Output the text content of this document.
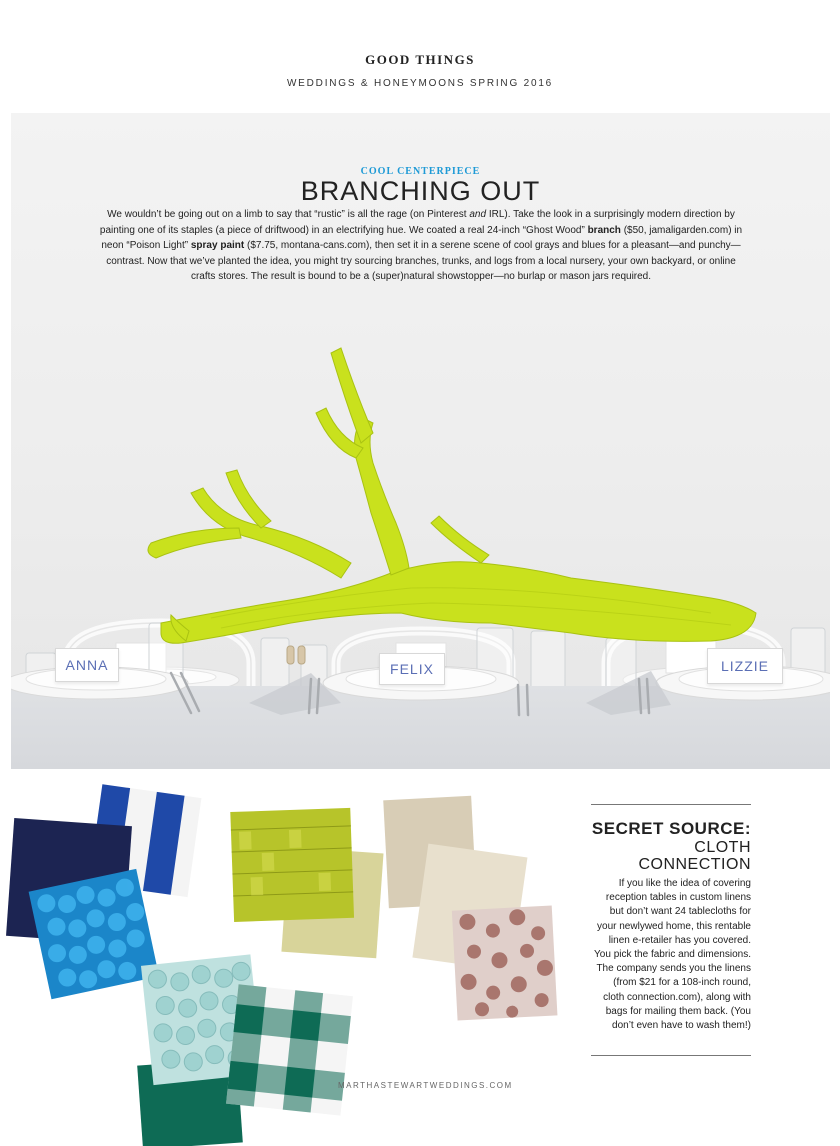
GOOD THINGS
WEDDINGS & HONEYMOONS SPRING 2016
ANNA	FELIX	LIZZIE
COOL CENTERPIECE
BRANCHING OUT
We wouldn’t be going out on a limb to say that “rustic” is all the rage (on Pinterest and IRL). Take the look in a surprisingly modern direction by painting one of its staples (a piece of driftwood) in an electrifying hue. We coated a real 24-inch “Ghost Wood” branch ($50, jamaligarden.com) in neon “Poison Light” spray paint ($7.75, montana-cans.com), then set it in a serene scene of cool grays and blues for a pleasant—and punchy—contrast. Now that we’ve planted the idea, you might try sourcing branches, trunks, and logs from a local nursery, your own backyard, or online crafts stores. The result is bound to be a (super)natural showstopper—no burlap or mason jars required.
SECRET SOURCE:
CLOTH
CONNECTION
If you like the idea of covering reception tables in custom linens but don’t want 24 tablecloths for your newlywed home, this rentable linen e-retailer has you covered. You pick the fabric and dimensions. The company sends you the linens (from $21 for a 108-inch round, cloth connection.com), along with bags for mailing them back. (You don’t even have to wash them!)
MARTHASTEWARTWEDDINGS.COM
